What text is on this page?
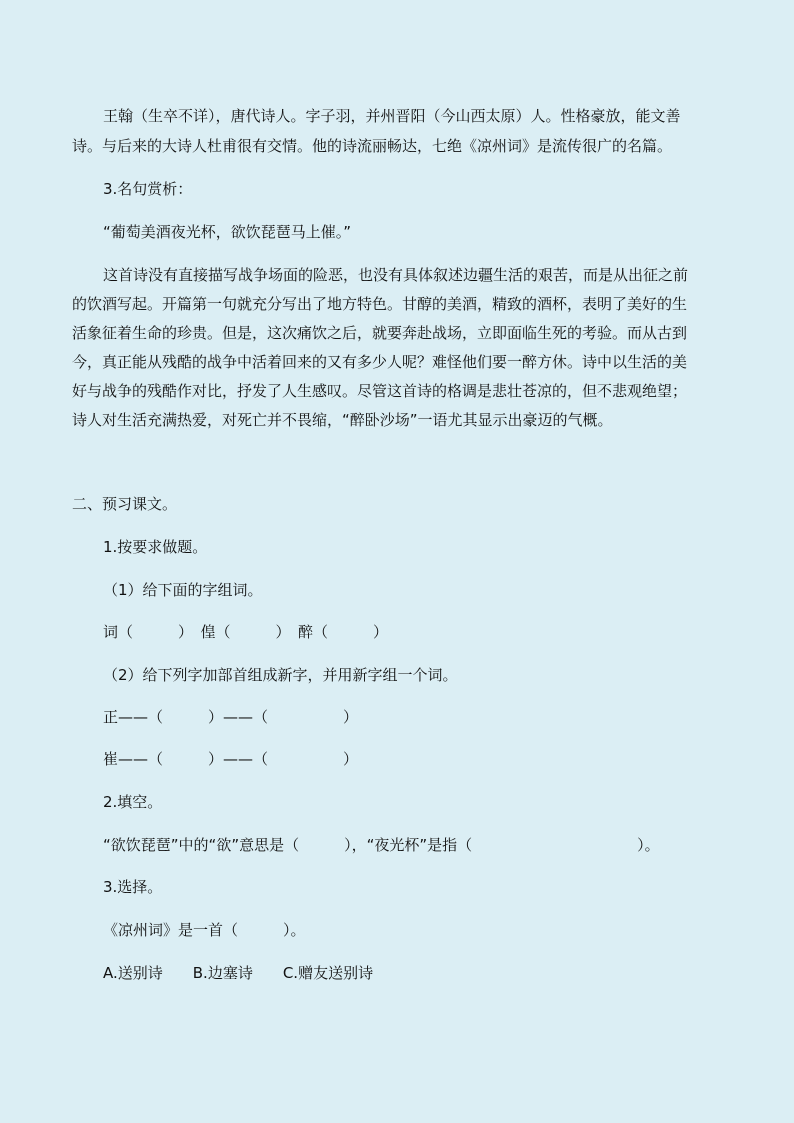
王翰（生卒不详），唐代诗人。字子羽，并州晋阳（今山西太原）人。性格豪放，能文善
诗。与后来的大诗人杜甫很有交情。他的诗流丽畅达，七绝《凉州词》是流传很广的名篇。
3.名句赏析：
“葡萄美酒夜光杯，欲饮琵琶马上催。”
这首诗没有直接描写战争场面的险恶，也没有具体叙述边疆生活的艰苦，而是从出征之前
的饮酒写起。开篇第一句就充分写出了地方特色。甘醇的美酒，精致的酒杯，表明了美好的生
活象征着生命的珍贵。但是，这次痛饮之后，就要奔赴战场，立即面临生死的考验。而从古到
今，真正能从残酷的战争中活着回来的又有多少人呢？难怪他们要一醉方休。诗中以生活的美
好与战争的残酷作对比，抒发了人生感叹。尽管这首诗的格调是悲壮苍凉的，但不悲观绝望；
诗人对生活充满热爱，对死亡并不畏缩，“醉卧沙场”一语尤其显示出豪迈的气概。
二、预习课文。
1.按要求做题。
（1）给下面的字组词。
词（　　　）　偟（　　　）　醉（　　　）
（2）给下列字加部首组成新字，并用新字组一个词。
正——（　　　）——（　　　　　）
崔——（　　　）——（　　　　　）
2.填空。
“欲饮琵琶”中的“欲”意思是（　　　），“夜光杯”是指（　　　　　　　　　　　）。
3.选择。
《凉州词》是一首（　　　）。
A.送别诗　　B.边塞诗　　C.赠友送别诗
